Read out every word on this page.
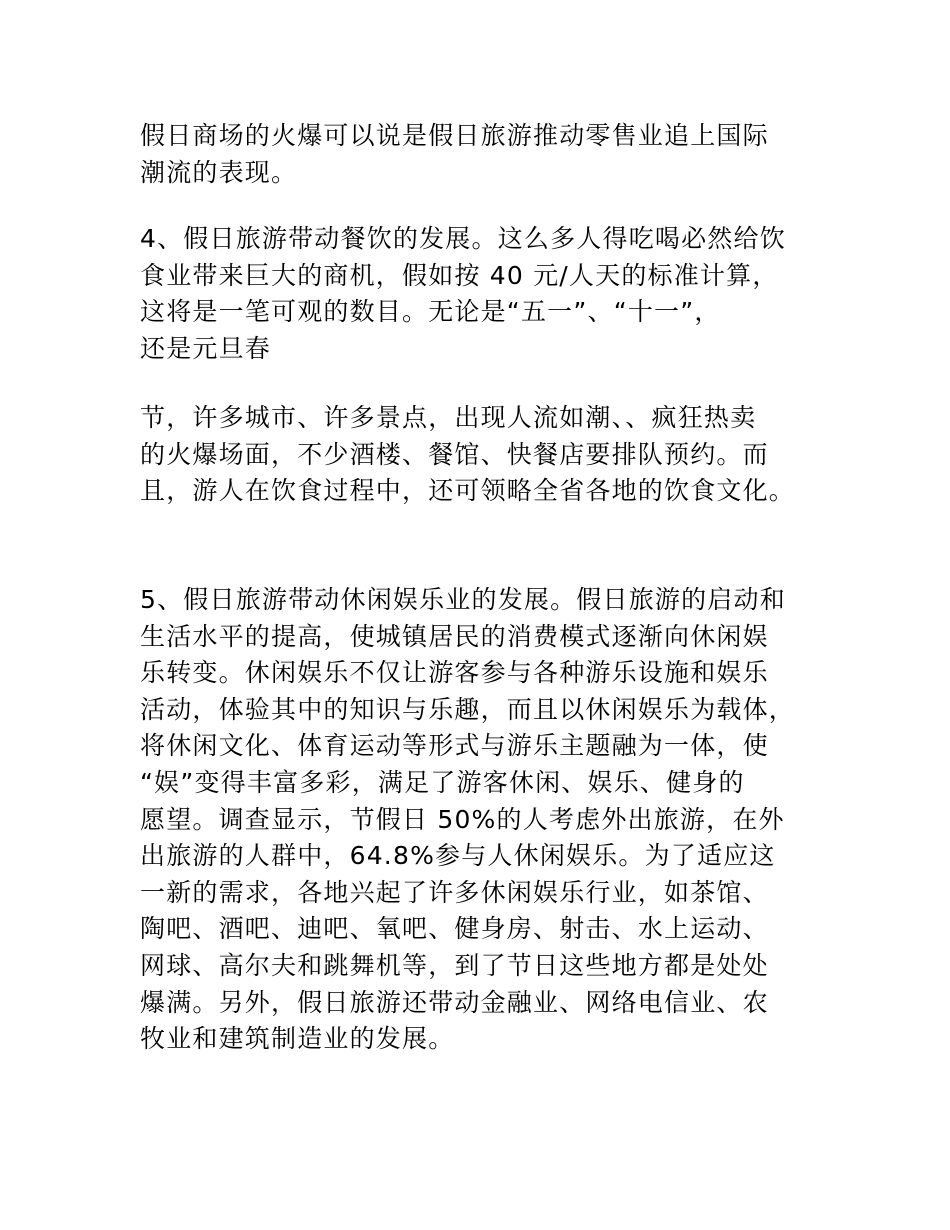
假日商场的火爆可以说是假日旅游推动零售业追上国际
潮流的表现。

4、假日旅游带动餐饮的发展。这么多人得吃喝必然给饮
食业带来巨大的商机，假如按 40 元/人天的标准计算，
这将是一笔可观的数目。无论是“五一”、“十一”，
还是元旦春

节，许多城市、许多景点，出现人流如潮、、疯狂热卖
的火爆场面，不少酒楼、餐馆、快餐店要排队预约。而
且，游人在饮食过程中，还可领略全省各地的饮食文化。

5、假日旅游带动休闲娱乐业的发展。假日旅游的启动和
生活水平的提高，使城镇居民的消费模式逐渐向休闲娱
乐转变。休闲娱乐不仅让游客参与各种游乐设施和娱乐
活动，体验其中的知识与乐趣，而且以休闲娱乐为载体，
将休闲文化、体育运动等形式与游乐主题融为一体，使
“娱”变得丰富多彩，满足了游客休闲、娱乐、健身的
愿望。调查显示，节假日 50%的人考虑外出旅游，在外
出旅游的人群中，64.8%参与人休闲娱乐。为了适应这
一新的需求，各地兴起了许多休闲娱乐行业，如茶馆、
陶吧、酒吧、迪吧、氧吧、健身房、射击、水上运动、
网球、高尔夫和跳舞机等，到了节日这些地方都是处处
爆满。另外，假日旅游还带动金融业、网络电信业、农
牧业和建筑制造业的发展。
